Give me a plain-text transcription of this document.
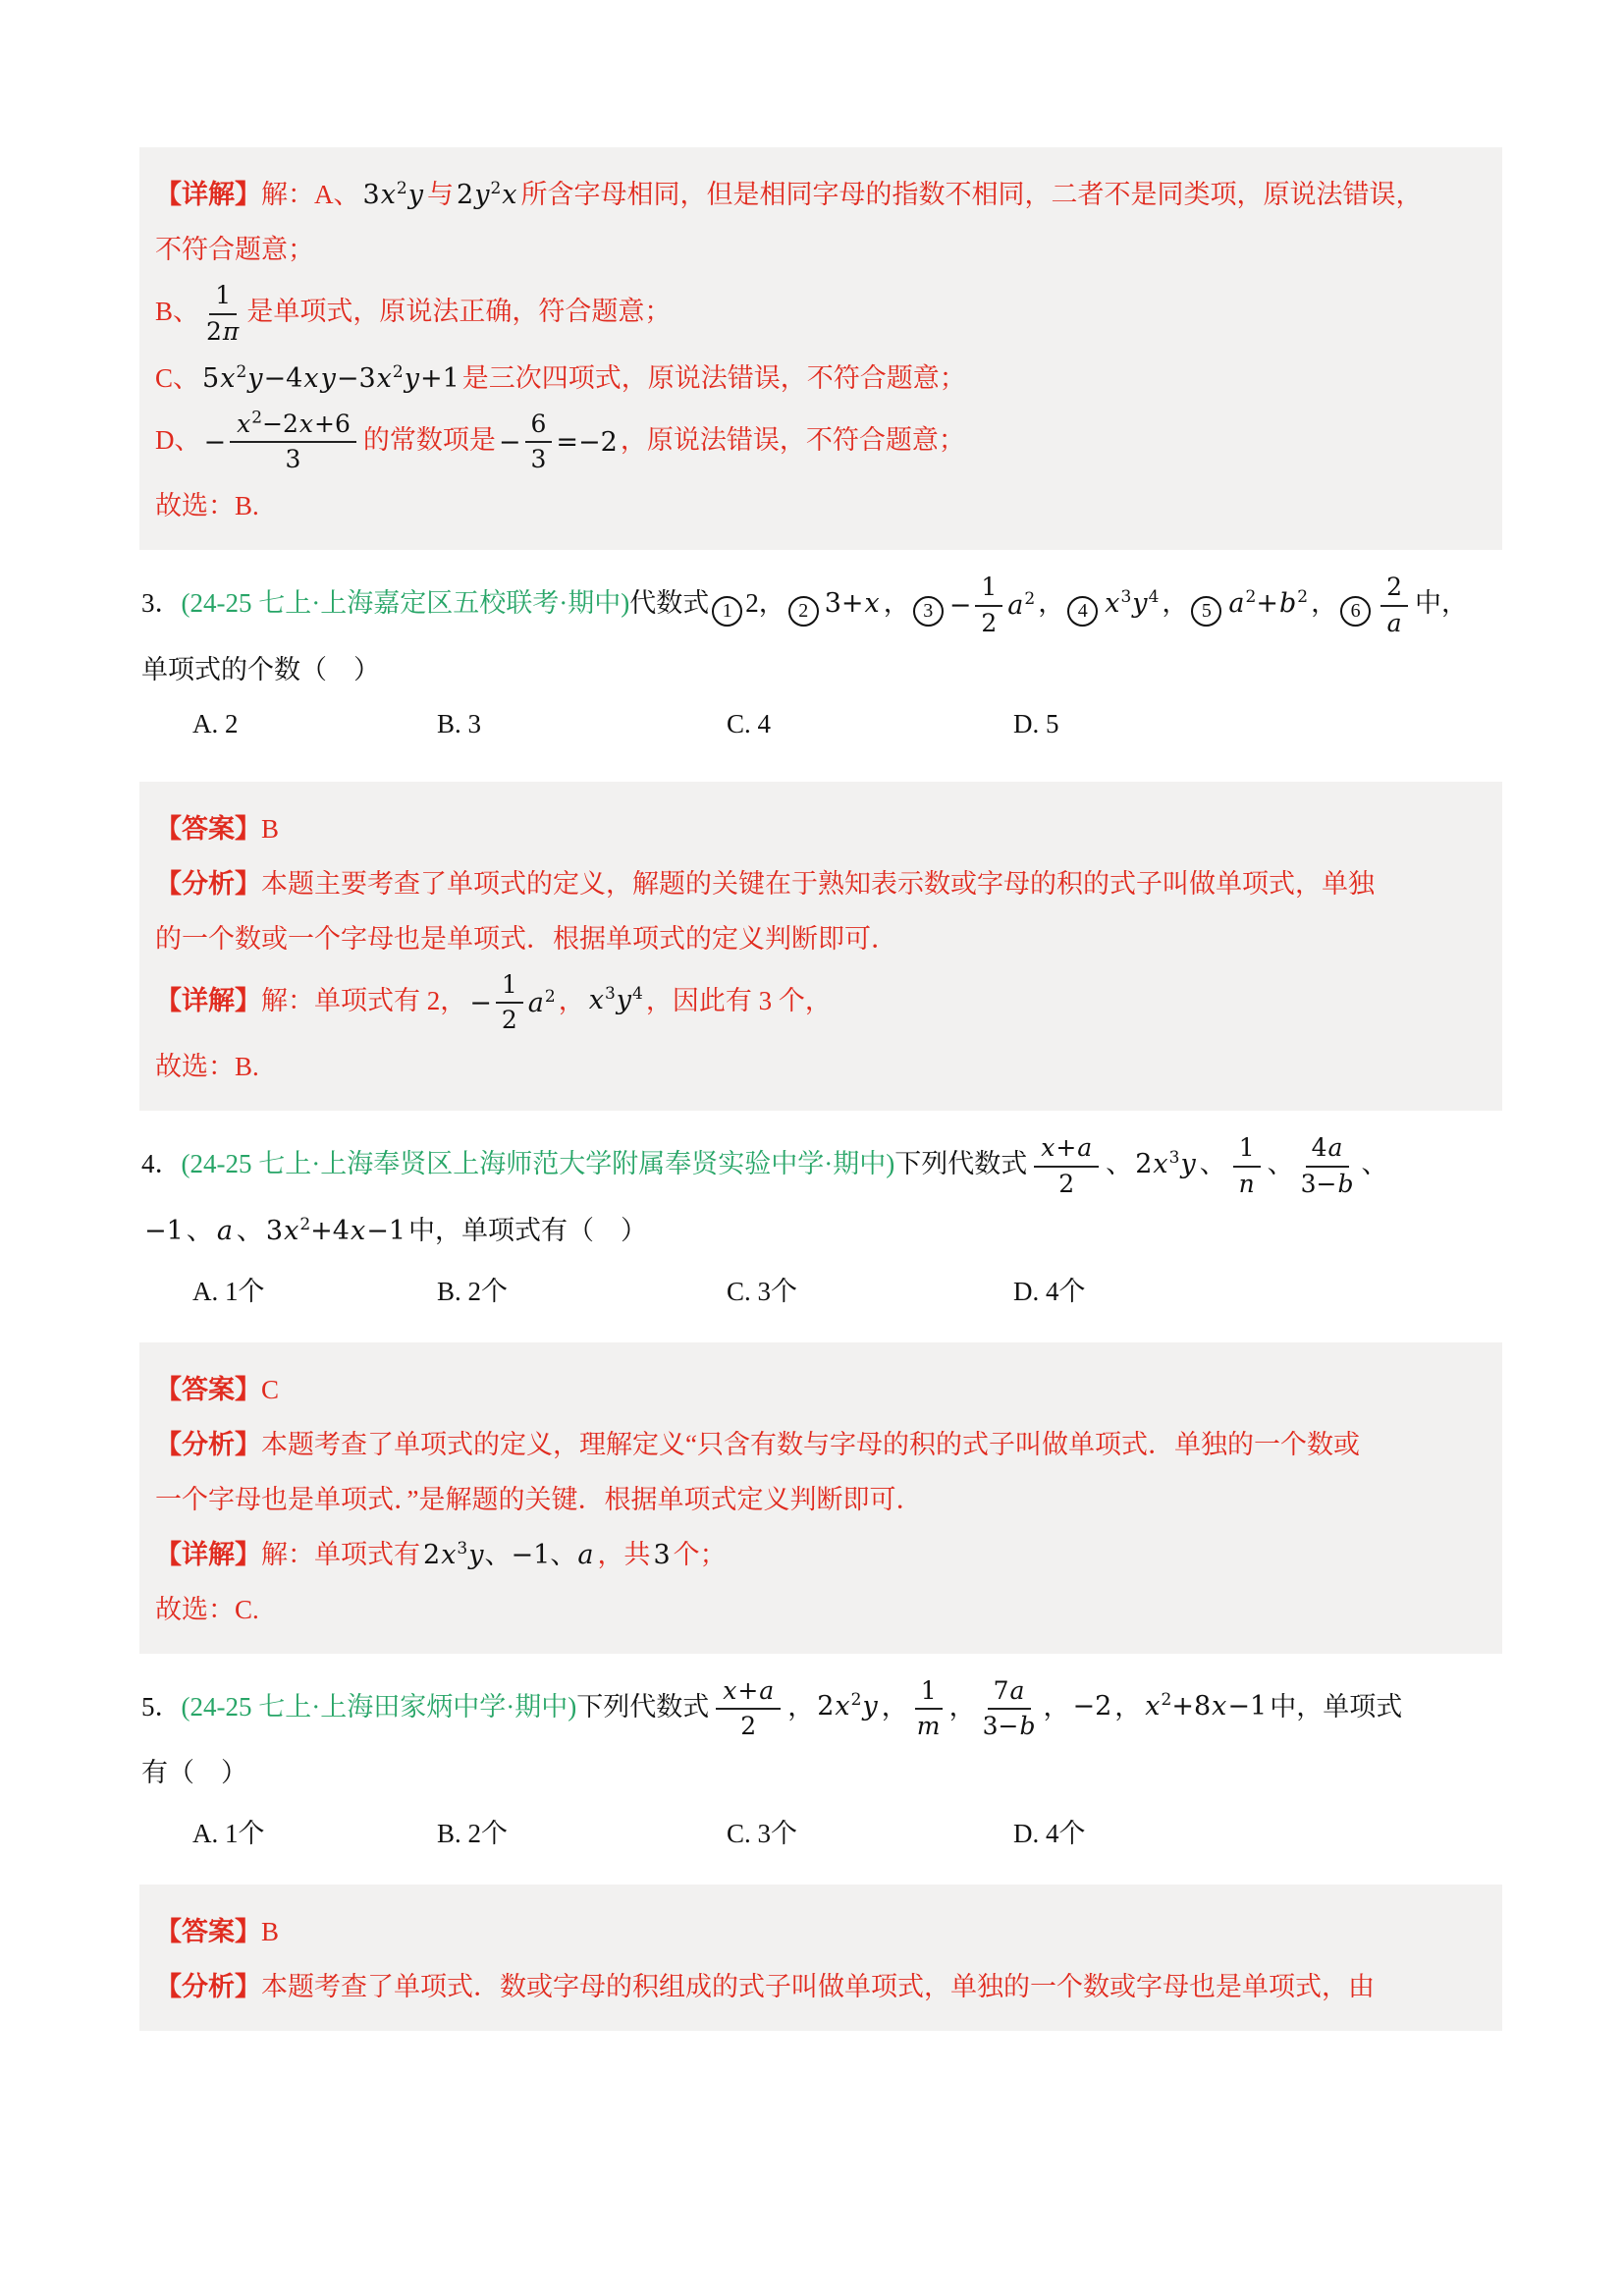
【详解】解：A、 $3x^2y$ 与 $2y^2x$ 所含字母相同，但是相同字母的指数不相同，二者不是同类项，原说法错误，
不符合题意；
B、 $\frac{1}{2\pi}$ 是单项式，原说法正确，符合题意；
C、 $5x^2y-4xy-3x^2y+1$ 是三次四项式，原说法错误，不符合题意；
D、 − $\frac{x^2-2x+6}{3}$ 的常数项是 − $\frac{6}{3} =-2$ ，原说法错误，不符合题意；
故选：B.
3．(24-25 七上·上海嘉定区五校联考·期中)代数式 1 2， 2 3+x ， $3 - \frac{1}{2} a^2$ ， 4 $x^3y^4$ ， 5 $a^2+b^2$ ， $6 \frac{2}{a}$ 中，
单项式的个数（　）
A. 2	B. 3	C. 4	D. 5
【答案】B
【分析】本题主要考查了单项式的定义，解题的关键在于熟知表示数或字母的积的式子叫做单项式，单独
的一个数或一个字母也是单项式．根据单项式的定义判断即可．
【详解】解：单项式有 2， − $\frac{1}{2} a^2$ ， $x^3y^4$ ，因此有 3 个，
故选：B.
4．(24-25 七上·上海奉贤区上海师范大学附属奉贤实验中学·期中)下列代数式 $\frac{x+a}{2}$ 、 $2x^3y$ 、 $\frac{1}{n}$ 、 $\frac{4a}{3-b}$ 、
−1 、 a 、 $3x^2+4x-1$ 中，单项式有（　）
A. 1个	B. 2个	C. 3个	D. 4个
【答案】C
【分析】本题考查了单项式的定义，理解定义“只含有数与字母的积的式子叫做单项式．单独的一个数或
一个字母也是单项式．”是解题的关键．根据单项式定义判断即可．
【详解】解：单项式有 $2x^3y$、−1、a ，共 3 个；
故选：C.
5．(24-25 七上·上海田家炳中学·期中)下列代数式 $\frac{x+a}{2}$ ， $2x^2y$ ， $\frac{1}{m}$ ， $\frac{7a}{3-b}$ ， −2 ， $x^2+8x-1$ 中，单项式
有（　）
A. 1个	B. 2个	C. 3个	D. 4个
【答案】B
【分析】本题考查了单项式．数或字母的积组成的式子叫做单项式，单独的一个数或字母也是单项式，由
